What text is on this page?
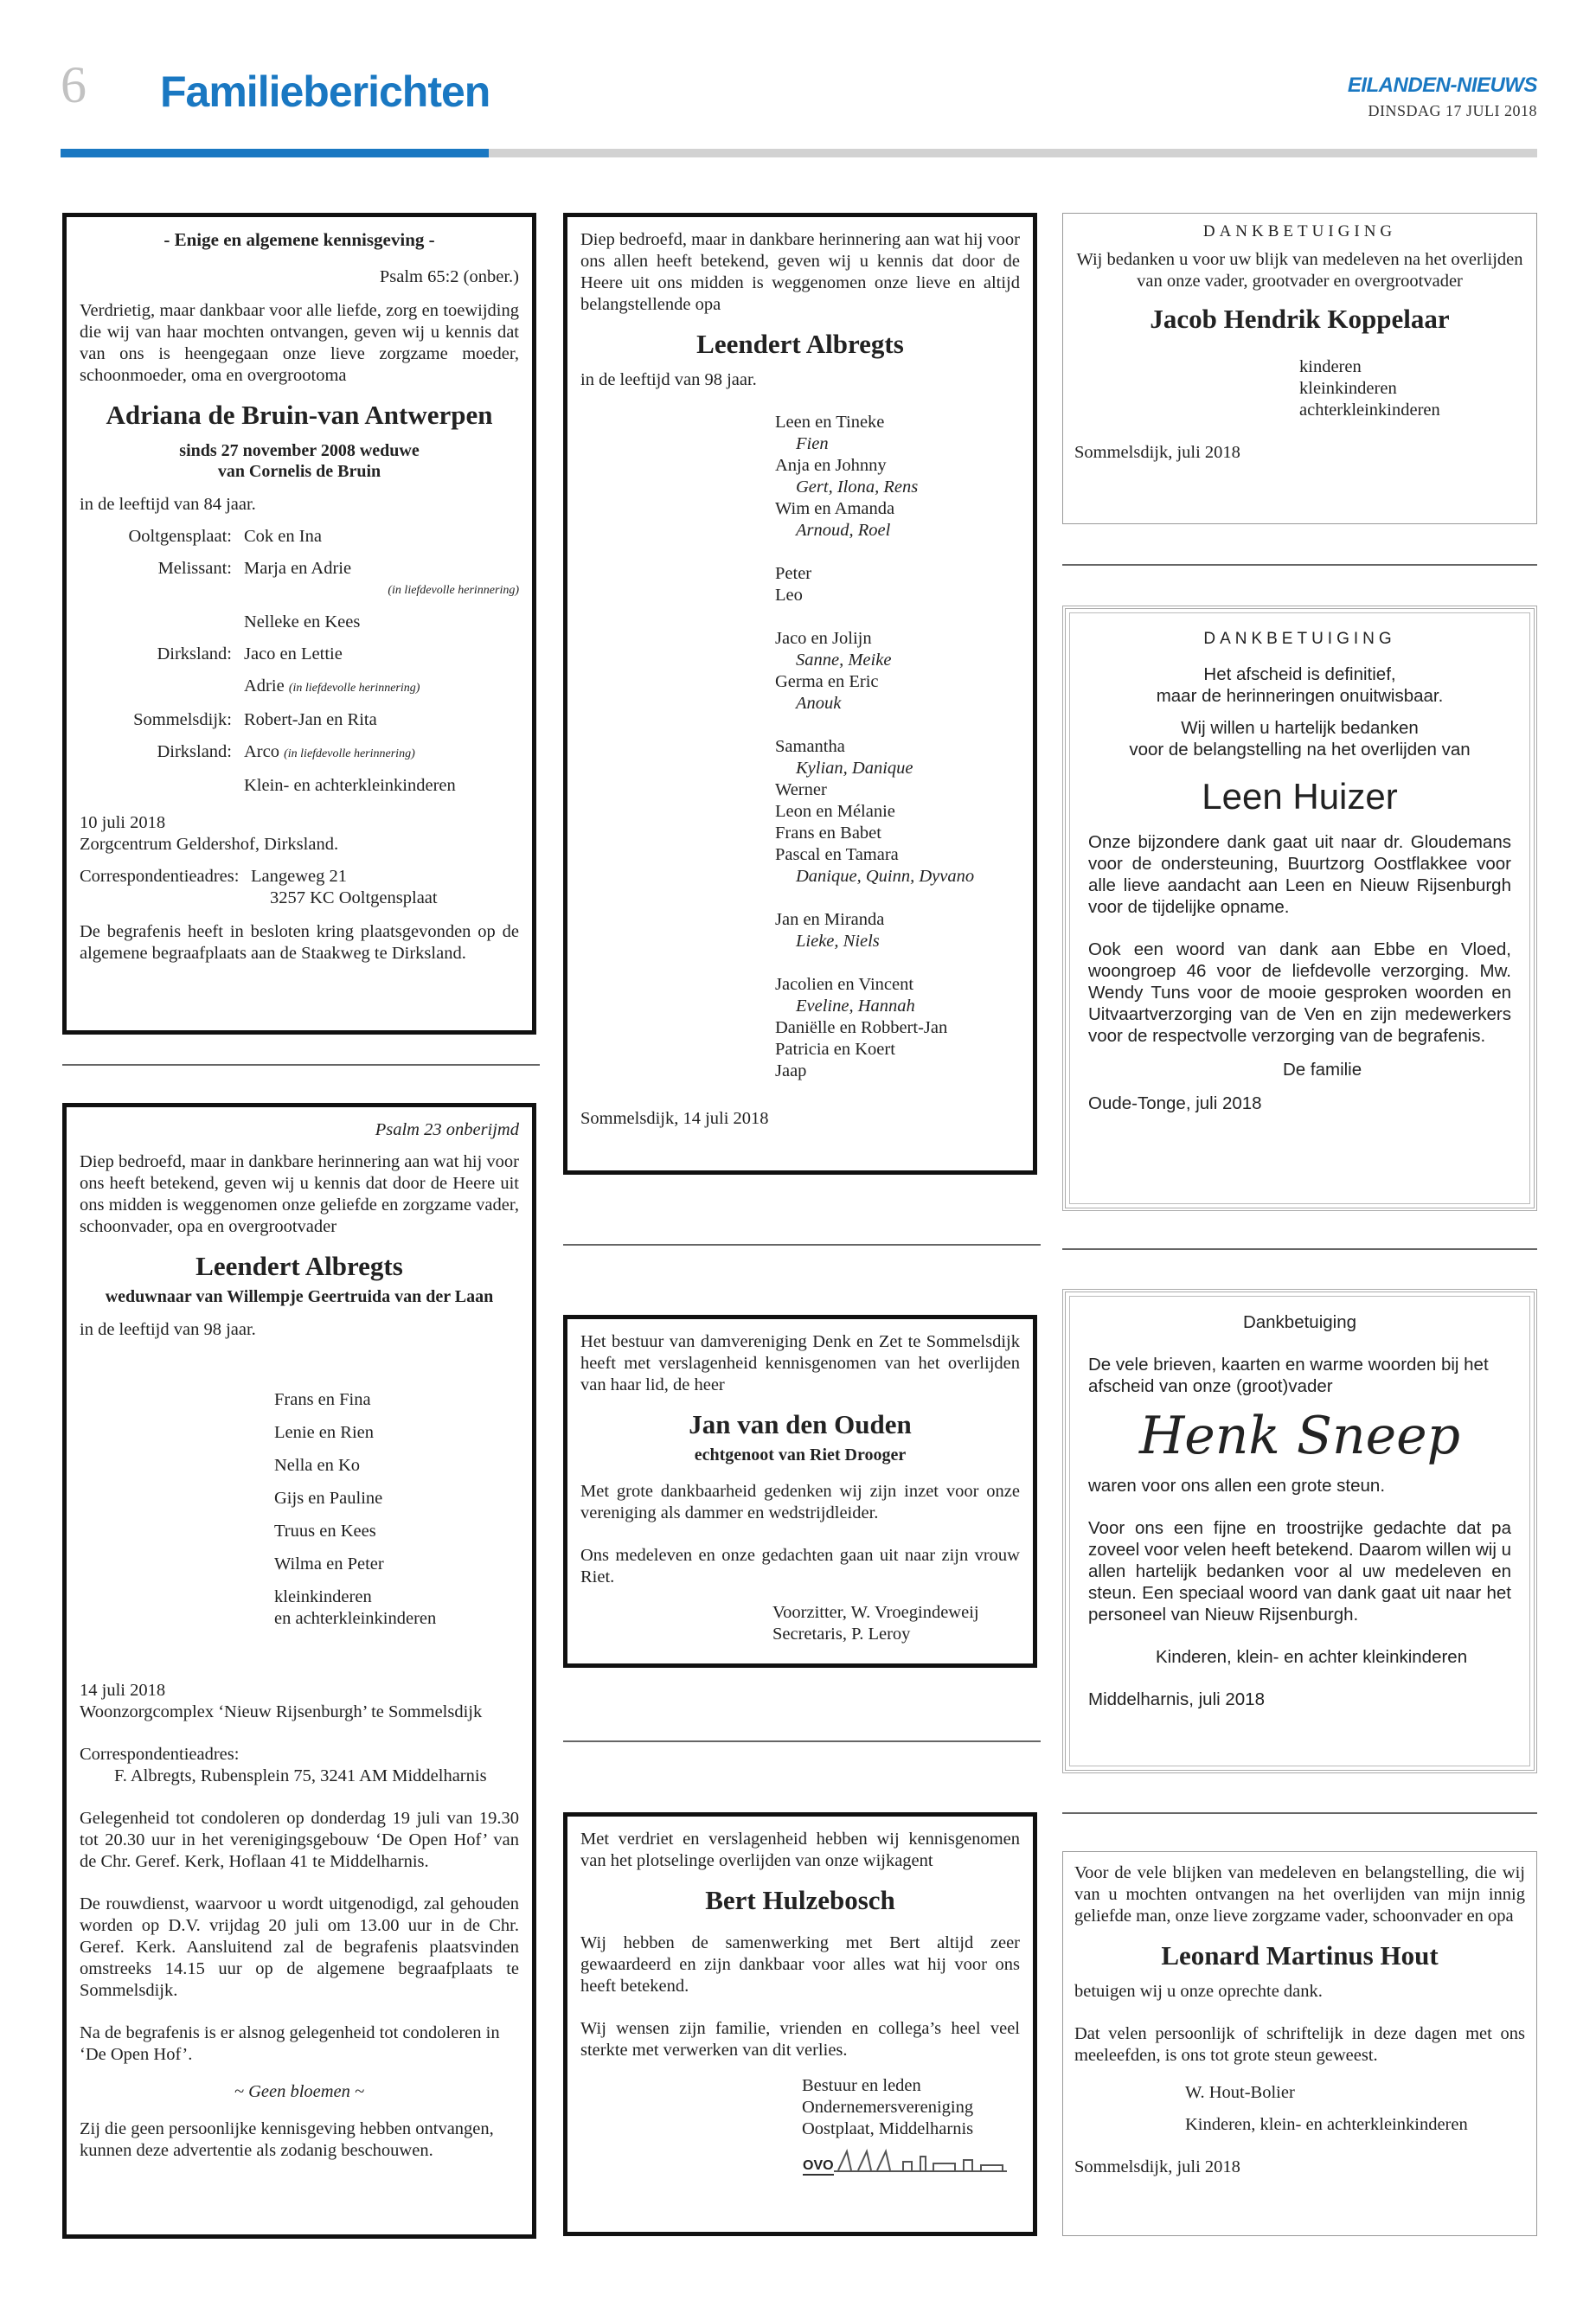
6 Familieberichten	EILANDEN-NIEUWS
DINSDAG 17 JULI 2018

- Enige en algemene kennisgeving -

Psalm 65:2 (onber.)

Verdrietig, maar dankbaar voor alle liefde, zorg en toewijding die wij van haar mochten ontvangen, geven wij u kennis dat van ons is heengegaan onze lieve zorgzame moeder, schoonmoeder, oma en overgrootoma

Adriana de Bruin-van Antwerpen
sinds 27 november 2008 weduwe
van Cornelis de Bruin

in de leeftijd van 84 jaar.

Ooltgensplaat: Cok en Ina
Melissant: Marja en Adrie
(in liefdevolle herinnering)
Nelleke en Kees
Dirksland: Jaco en Lettie
Adrie (in liefdevolle herinnering)
Sommelsdijk: Robert-Jan en Rita
Dirksland: Arco (in liefdevolle herinnering)
Klein- en achterkleinkinderen
10 juli 2018

Zorgcentrum Geldershof, Dirksland.

Correspondentieadres: Langeweg 21
3257 KC Ooltgensplaat

De begrafenis heeft in besloten kring plaatsgevonden op de algemene begraafplaats aan de Staakweg te Dirksland.

Psalm 23 onberijmd

Diep bedroefd, maar in dankbare herinnering aan wat hij voor ons heeft betekend, geven wij u kennis dat door de Heere uit ons midden is weggenomen onze geliefde en zorgzame vader, schoonvader, opa en overgrootvader

Leendert Albregts
weduwnaar van Willempje Geertruida van der Laan

in de leeftijd van 98 jaar.

Frans en Fina
Lenie en Rien
Nella en Ko
Gijs en Pauline
Truus en Kees
Wilma en Peter
kleinkinderen
en achterkleinkinderen
14 juli 2018

Woonzorgcomplex ‘Nieuw Rijsenburgh’ te Sommelsdijk

Correspondentieadres:

F. Albregts, Rubensplein 75, 3241 AM Middelharnis

Gelegenheid tot condoleren op donderdag 19 juli van 19.30 tot 20.30 uur in het verenigingsgebouw ‘De Open Hof’ van de Chr. Geref. Kerk, Hoflaan 41 te Middelharnis.

De rouwdienst, waarvoor u wordt uitgenodigd, zal gehouden worden op D.V. vrijdag 20 juli om 13.00 uur in de Chr. Geref. Kerk. Aansluitend zal de begrafenis plaatsvinden omstreeks 14.15 uur op de algemene begraafplaats te Sommelsdijk.

Na de begrafenis is er alsnog gelegenheid tot condoleren in ‘De Open Hof’.

~ Geen bloemen ~

Zij die geen persoonlijke kennisgeving hebben ontvangen, kunnen deze advertentie als zodanig beschouwen.

Diep bedroefd, maar in dankbare herinnering aan wat hij voor ons allen heeft betekend, geven wij u kennis dat door de Heere uit ons midden is weggenomen onze lieve en altijd belangstellende opa

Leendert Albregts

in de leeftijd van 98 jaar.

Leen en Tineke
Fien
Anja en Johnny
Gert, Ilona, Rens
Wim en Amanda
Arnoud, Roel
Peter
Leo
Jaco en Jolijn
Sanne, Meike
Germa en Eric
Anouk
Samantha
Kylian, Danique
Werner
Leon en Mélanie
Frans en Babet
Pascal en Tamara
Danique, Quinn, Dyvano
Jan en Miranda
Lieke, Niels
Jacolien en Vincent
Eveline, Hannah
Daniëlle en Robbert-Jan
Patricia en Koert
Jaap
Sommelsdijk, 14 juli 2018

Het bestuur van damvereniging Denk en Zet te Sommelsdijk heeft met verslagenheid kennisgenomen van het overlijden van haar lid, de heer

Jan van den Ouden
echtgenoot van Riet Drooger

Met grote dankbaarheid gedenken wij zijn inzet voor onze vereniging als dammer en wedstrijdleider.

Ons medeleven en onze gedachten gaan uit naar zijn vrouw Riet.

Voorzitter, W. Vroegindeweij
Secretaris, P. Leroy

Met verdriet en verslagenheid hebben wij kennisgenomen van het plotselinge overlijden van onze wijkagent

Bert Hulzebosch

Wij hebben de samenwerking met Bert altijd zeer gewaardeerd en zijn dankbaar voor alles wat hij voor ons heeft betekend.

Wij wensen zijn familie, vrienden en collega’s heel veel sterkte met verwerken van dit verlies.

Bestuur en leden
Ondernemersvereniging
Oostplaat, Middelharnis
OVO

DANKBETUIGING

Wij bedanken u voor uw blijk van medeleven na het overlijden van onze vader, grootvader en overgrootvader

Jacob Hendrik Koppelaar
kinderen
kleinkinderen
achterkleinkinderen
Sommelsdijk, juli 2018

DANKBETUIGING

Het afscheid is definitief,

maar de herinneringen onuitwisbaar.

Wij willen u hartelijk bedanken
voor de belangstelling na het overlijden van
Leen Huizer

Onze bijzondere dank gaat uit naar dr. Gloudemans voor de ondersteuning, Buurtzorg Oostflakkee voor alle lieve aandacht aan Leen en Nieuw Rijsenburgh voor de tijdelijke opname.

Ook een woord van dank aan Ebbe en Vloed, woongroep 46 voor de liefdevolle verzorging. Mw. Wendy Tuns voor de mooie gesproken woorden en Uitvaartverzorging van de Ven en zijn medewerkers voor de respectvolle verzorging van de begrafenis.

De familie

Oude-Tonge, juli 2018

Dankbetuiging

De vele brieven, kaarten en warme woorden bij het afscheid van onze (groot)vader

Henk Sneep

waren voor ons allen een grote steun.

Voor ons een fijne en troostrijke gedachte dat pa zoveel voor velen heeft betekend. Daarom willen wij u allen hartelijk bedanken voor al uw medeleven en steun. Een speciaal woord van dank gaat uit naar het personeel van Nieuw Rijsenburgh.

Kinderen, klein- en achter kleinkinderen

Middelharnis, juli 2018

Voor de vele blijken van medeleven en belangstelling, die wij van u mochten ontvangen na het overlijden van mijn innig geliefde man, onze lieve zorgzame vader, schoonvader en opa

Leonard Martinus Hout

betuigen wij u onze oprechte dank.

Dat velen persoonlijk of schriftelijk in deze dagen met ons meeleefden, is ons tot grote steun geweest.

W. Hout-Bolier

Kinderen, klein- en achterkleinkinderen

Sommelsdijk, juli 2018
